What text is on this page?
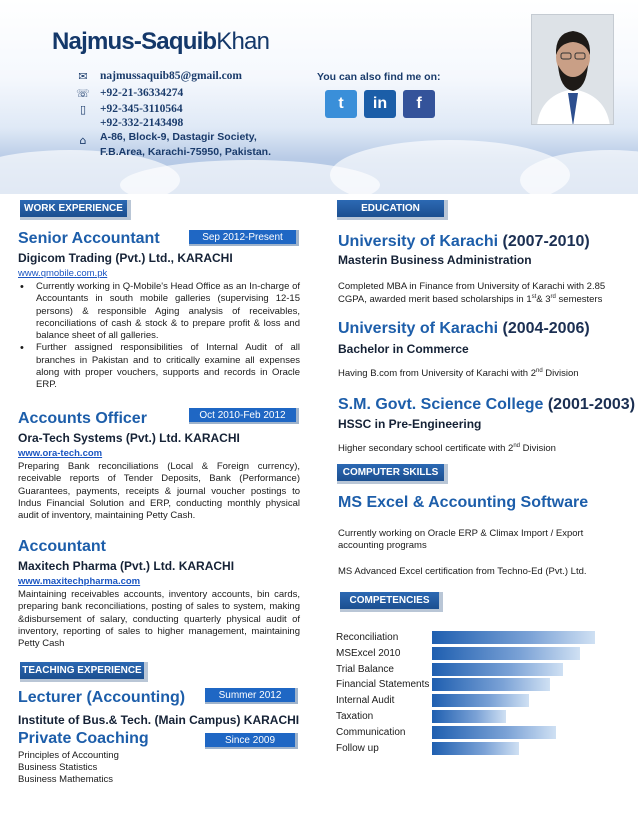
Najmus-SaquibKhan
✉	najmussaquib85@gmail.com
☏ +92-21-36334274
▯	+92-345-3110564
+92-332-2143498
⌂	A-86, Block-9, Dastagir Society,
F.B.Area, Karachi-75950, Pakistan.
You can also find me on:
t in f
WORK EXPERIENCE
Senior Accountant	Sep 2012-Present
Digicom Trading (Pvt.) Ltd., KARACHI
www.qmobile.com.pk
• Currently working in Q-Mobile's Head Office as an In-charge of Accountants in south mobile galleries (supervising 12-15 persons) & responsible Aging analysis of receivables, reconciliations of cash & stock & to prepare profit & loss and balance sheet of all galleries.
• Further assigned responsibilities of Internal Audit of all branches in Pakistan and to critically examine all expenses along with proper vouchers, supports and records in Oracle ERP.
Accounts Officer	Oct 2010-Feb 2012
Ora-Tech Systems (Pvt.) Ltd. KARACHI
www.ora-tech.com
Preparing Bank reconciliations (Local & Foreign currency), receivable reports of Tender Deposits, Bank (Performance) Guarantees, payments, receipts & journal voucher postings to Indus Financial Solution and ERP, conducting monthly physical audit of inventory, maintaining Petty Cash.
Accountant
Maxitech Pharma (Pvt.) Ltd. KARACHI
www.maxitechpharma.com
Maintaining receivables accounts, inventory accounts, bin cards, preparing bank reconciliations, posting of sales to system, making &disbursement of salary, conducting quarterly physical audit of inventory, reporting of sales to higher management, maintaining Petty Cash
TEACHING EXPERIENCE
Lecturer (Accounting)	Summer 2012
Institute of Bus.& Tech. (Main Campus) KARACHI
Private Coaching	Since 2009
Principles of Accounting
Business Statistics
Business Mathematics
EDUCATION
University of Karachi (2007-2010)
Masterin Business Administration
Completed MBA in Finance from University of Karachi with 2.85
CGPA, awarded merit based scholarships in 1st& 3rd semesters
University of Karachi (2004-2006)
Bachelor in Commerce
Having B.com from University of Karachi with 2nd Division
S.M. Govt. Science College (2001-2003)
HSSC in Pre-Engineering
Higher secondary school certificate with 2nd Division
COMPUTER SKILLS
MS Excel & Accounting Software
Currently working on Oracle ERP & Climax Import / Export accounting programs
MS Advanced Excel certification from Techno-Ed (Pvt.) Ltd.
COMPETENCIES
Reconciliation
MSExcel 2010
Trial Balance
Financial Statements
Internal Audit
Taxation
Communication
Follow up
